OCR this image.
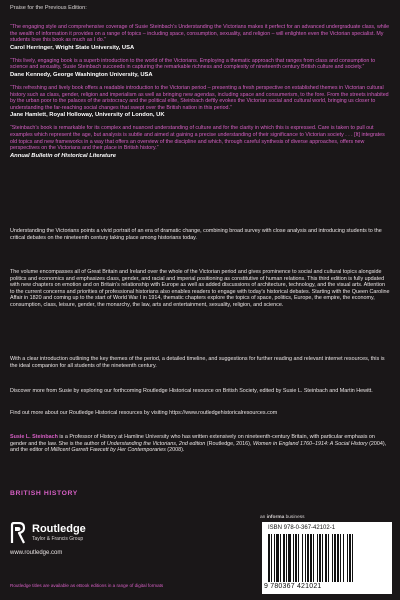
Praise for the Previous Edition:

“The engaging style and comprehensive coverage of Susie Steinbach’s Understanding the Victorians makes it perfect for an advanced undergraduate class, while the wealth of information it provides on a range of topics – including space, consumption, sexuality, and religion – will enlighten even the Victorian specialist. My students love this book as much as I do.”

Carol Herringer, Wright State University, USA

“This lively, engaging book is a superb introduction to the world of the Victorians. Employing a thematic approach that ranges from class and consumption to science and sexuality, Susie Steinbach succeeds in capturing the remarkable richness and complexity of nineteenth century British culture and society.”

Dane Kennedy, George Washington University, USA

“This refreshing and lively book offers a readable introduction to the Victorian period – presenting a fresh perspective on established themes in Victorian cultural history such as class, gender, religion and imperialism as well as bringing new agendas, including space and consumerism, to the fore. From the streets inhabited by the urban poor to the palaces of the aristocracy and the political elite, Steinbach deftly evokes the Victorian social and cultural world, bringing us closer to understanding the far-reaching social changes that swept over the British nation in this period.”

Jane Hamlett, Royal Holloway, University of London, UK

“Steinbach’s book is remarkable for its complex and nuanced understanding of culture and for the clarity in which this is expressed. Care is taken to pull out examples which represent the age, but analysis is subtle and aimed at gaining a precise understanding of their significance to Victorian society . . . [It] integrates old topics and new frameworks in a way that offers an overview of the discipline and which, through careful synthesis of diverse approaches, offers new perspectives on the Victorians and their place in British history.”

Annual Bulletin of Historical Literature

Understanding the Victorians points a vivid portrait of an era of dramatic change, combining broad survey with close analysis and introducing students to the critical debates on the nineteenth century taking place among historians today.

The volume encompasses all of Great Britain and Ireland over the whole of the Victorian period and gives prominence to social and cultural topics alongside politics and economics and emphasizes class, gender, and racial and imperial positioning as constitutive of human relations. This third edition is fully updated with new chapters on emotion and on Britain’s relationship with Europe as well as added discussions of architecture, technology, and the visual arts. Attention to the current concerns and priorities of professional historians also enables readers to engage with today’s historical debates. Starting with the Queen Caroline Affair in 1820 and coming up to the start of World War I in 1914, thematic chapters explore the topics of space, politics, Europe, the empire, the economy, consumption, class, leisure, gender, the monarchy, the law, arts and entertainment, sexuality, religion, and science.

With a clear introduction outlining the key themes of the period, a detailed timeline, and suggestions for further reading and relevant internet resources, this is the ideal companion for all students of the nineteenth century.

Discover more from Susie by exploring our forthcoming Routledge Historical resource on British Society, edited by Susie L. Steinbach and Martin Hewitt.

Find out more about our Routledge Historical resources by visiting https://www.routledgehistoricalresources.com

Susie L. Steinbach is a Professor of History at Hamline University who has written extensively on nineteenth-century Britain, with particular emphasis on gender and the law. She is the author of Understanding the Victorians, 2nd edition (Routledge, 2016), Women in England 1760–1914: A Social History (2004), and the editor of Millicent Garrett Fawcett by Her Contemporaries (2008).

BRITISH HISTORY
Routledge
Taylor & Francis Group
www.routledge.com
Routledge titles are available as eBook editions in a range of digital formats
an informa business
ISBN 978-0-367-42102-1
9 780367 421021
